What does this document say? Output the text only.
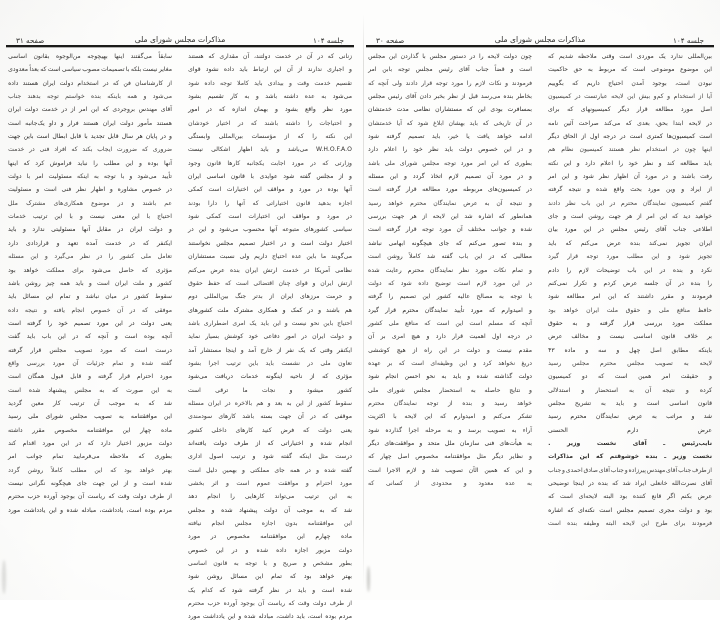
جلسه ۱۰۴
مذاکرات مجلس شورای ملی
صفحه ۳۱
زنانی
که
در
آن
در
خدمت
دولتند،
آن
مقداری
که
هستند
و
اجباری
ندارند
از
آن
این
ارتباط
باید
داده
نشود
قوای
تقسیم
خدمت
وقت
و
بیدادی
باید
کاملا
توجه
داده
شود
می‌شود
به
عده
داشته
باشد
و
به
کار
تقسیم
بشود
مورد
نظر
واقع
بشود
و
بهمان
اندازه
که
در
امور
و
احتیاجات
را
داشته
باشند
که
در
اختیار
خودشان
این
نکته
را
که
از
مؤسسات
بین‌المللی
وابستگی
W.H.O.F.A.O
می‌باشد
و
باید
اظهار
اشکالی
نیست
وزارتی
که
در
مورد
اجابت
یکجانبه
کارها
قانون
وجود
و
از
مجلس
گفته
شود
عوایدی
با
قانون
اساسی
ایران
آنها
بوده
در
مورد
و
مواقف
این
اختیارات
است
کمکی
اجازه
بدهید
قانون
اختیاراتی
که
آنها
را
دارا
بودند
در
مورد
و
مواقف
این
اختیارات
است
کمکی
شود
سیاسی
کشورهای
متبوعه
آنها
محسوب
می‌شود
و
این
در
اختیار
دولت
است
و
در
اختیار
تصمیم
مجلس
نخواستند
می‌گویند
ما
باین
عده
احتیاج
داریم
ولی
نسبت
مستشاران
نظامی
آمریکا
در
خدمت
ارتش
ایران
بنده
عرض
می‌کنم
ارتش
ایران
و
قوای
چنان
اقتضائی
است
که
حفظ
حقوق
و
حرمت
مرزهای
ایران
از
بدتر
جنگ
بین‌المللی
دوم
هم
باشند
و
در
کمک
و
همکاری
مشترک
ملت
کشورهای
احتیاج
باین
نحو
نیست
و
این
باید
یک
امری
اضطراری
باشد
و
دولت
ایران
در
امور
دفاعی
خود
کوشش
بسیار
نماید
ایکنفر
وقتی
که
یک
نفر
از
خارج
آمد
و
اینجا
مستشار
آمد
تعاون
ملی
در
نشست
باید
باین
ترتیب
اجرا
بشود
مؤثری
که
از
ناحیه
اینگونه
خدمات
دریافت
می‌شود
کشور
میشود
و
نجات
ما
ترقی
است
سقوط
کشور
از
این
به
بعد
و
هم
بالاخره
در
ایران
مسئله
موقفی
که
در
آن
جهت
بسته
باشد
کارهای
سودمندی
یعنی
دولت
که
فرض
کنید
کارهای
داخلی
کشور
انجام
شده
و
اختیاراتی
که
از
طرف
دولت
یافته‌اند
درست
مثل
اینکه
گفته
شود
و
ترتیب
اصول
اداری
گفته
شده
و
در
همه
جای
مملکتی
و
بهمین
دلیل
است
مورد
احترام
و
موافقت
عموم
است
و
اثر
بخشی
به
این
ترتیب
می‌تواند
کارهایی
را
انجام
دهد
شد
که
به
موجب
آن
دولت
پیشنهاد
شده
و
مجلس
این
موافقتنامه
بدون
اجازه
مجلس
انجام
نیافته
ماده
چهارم
این
موافقتنامه
مخصوص
در
مورد
دولت
مزبور
اجازه
داده
شده
و
در
این
خصوص
بطور
مشخص
و
صریح
و
با
توجه
به
قانون
اساسی
بهتر
خواهد
بود
که
تمام
این
مسائل
روشن
شود
شده
است
و
باید
در
نظر
گرفته
شود
که
کدام
یک
از
طرف
دولت
وقت
که
ریاست
آن
بوجود
آورده
حزب
محترم
مردم
بوده
است،
باید
داشت،
مبادله
شده
و
این
یادداشت
مورد
سابقاً
می‌گفتند
اینها
بهیچوجه
من‌الوجوه
بقانون
اساسی
مغایر
نیست
بلکه
با
تصمیمات
مصوب
سیاسی
است
که
بعداً
معدودی
از
کارشناسان
فن
که
در
استخدام
دولت
ایران
هستند
داده
می‌شود
و
همه
باینکه
بنده
خواستم
توجه
بدهند
جناب
آقای
مهندس
بروجردی
که
این
امر
از
در
خدمت
دولت
ایران
هستند
مأمور
دولت
ایران
هستند
فرار
و
داو
یک‌جانبه
است
و
در
پایان
هر
سال
قابل
تجدید
با
قابل
ابطال
است
باین
جهت
ضروری
که
ضرورت
ایجاب
بکند
که
افراد
فنی
در
خدمت
آنها
بوده
و
این
مطلب
را
نباید
فراموش
کرد
که
اینها
تأیید
می‌شود
و
با
توجه
به
اینکه
مسئولیت
امر
با
دولت
در
خصوص
مشاوره
و
اظهار
نظر
فنی
است
و
مسئولیت
عم
باشند
و
در
موضوع
همکاری‌های
مشترک
ملل
احتیاج
با
این
معنی
نیست
و
با
این
ترتیب
خدمات
و
دولت
ایران
در
مقابل
آنها
مسئولیتی
ندارد
و
باید
ایکنفر
که
در
خدمت
آمده
تعهد
و
قراردادی
دارد
تعامل
ملی
کشور
را
در
نظر
می‌گیرد
و
این
مسئله
مؤثری
که
حاصل
می‌شود
برای
مملکت
خواهد
بود
کشور
و
ملت
ایران
است
و
باید
همه
چیز
روشن
باشد
سقوط
کشور
در
میان
نباشد
و
تمام
این
مسائل
باید
موفقی
که
در
آن
خصوص
انجام
یافته
و
نتیجه
داده
یعنی
دولت
در
این
مورد
تصمیم
خود
را
گرفته
است
آنچه
بوده
است
و
آنچه
که
در
این
باب
باید
گفت
درست
است
که
مورد
تصویب
مجلس
قرار
گرفته
گفته
شده
و
تمام
جزئیات
آن
مورد
بررسی
واقع
مورد
احترام
قرار
گرفته
و
قابل
قبول
همگان
است
به
این
صورت
که
به
مجلس
پیشنهاد
شده
است
شد
که
به
موجب
آن
ترتیب
کار
معین
گردید
این
موافقتنامه
به
تصویب
مجلس
شورای
ملی
رسید
ماده
چهار
این
موافقتنامه
مخصوص
مقرر
داشته
دولت
مزبور
اختیار
دارد
که
در
این
مورد
اقدام
کند
بطوری
که
ملاحظه
می‌فرمایید
تمام
جوانب
امر
بهتر
خواهد
بود
که
این
مطلب
کاملاً
روشن
گردد
شده
است
و
از
این
جهت
جای
هیچگونه
نگرانی
نیست
از
طرف
دولت
وقت
که
ریاست
آن
بوجود
آورده
حزب
محترم
مردم
بوده
است،
یادداشت،
مبادله
شده
و
این
یادداشت
مورد
جلسه ۱۰۴
مذاکرات مجلس شورای ملی
صفحه ۳۰
بین‌المللی
ندارد
یک
موردی
است
وقتی
ملاحظه
شدیم
که
این
موضوع
موضوعی
است
که
مربوط
به
حق
حاکمیت
نبودن
است،
بوجود
آمدن
احتیاج
داریم
که
بگوییم
آیا
از
استخدام
و
کم‌و
بیش
این
لایحه
عبارتست
در
کمیسیون
اصل
مورد
مطالعه
قرار
دیگر
کمیسیونهای
که
برای
در
لایحه
ابتدا
بحق،
بعدی
که
می‌کند
صراحت
آئین
نامه
است
کمیسیون‌ها
کمتری
است
در
درجه
اول
از
الحاق
دیگر
اینها
چون
در
استخدام
نظر
هستند
کمیسیون
نظام
هم
باید
مطالعه
کند
و
نظر
خود
را
اعلام
دارد
و
این
نکته
رفت
باشند
و
در
مورد
آن
اظهار
نظر
شود
و
این
امر
از
ایراد
و
وین
مورد
بحث
واقع
شده
و
نتیجه
گرفته
گفتم
کمیسیون
نمایندگان
محترم
در
این
باب
نظر
دادند
خواهید
دید
که
این
امر
از
هر
جهت
روشن
است
و
جای
اطلاعی
جناب
آقای
رئیس
مجلس
در
این
مورد
بیان
ایران
تجویز
نمی‌کند
بنده
عرض
می‌کنم
که
باید
تجویز
شود
و
این
مطلب
مورد
توجه
قرار
گیرد
نکرد
و
بنده
در
این
باب
توضیحات
لازم
را
دادم
را
بنده
در
آن
جلسه
عرض
کردم
و
تکرار
نمی‌کنم
فرمودند
و
مقرر
داشتند
که
این
امر
مطالعه
شود
حافظ
منافع
ملی
و
حقوق
ملت
ایران
خواهد
بود
مملکت
مورد
بررسی
قرار
گرفته
و
به
حقوق
بر
خلاف
قانون
اساسی
نیست
و
مخالف
عرض
باینکه
مطابق
اصل
چهل
و
سه
و
ماده
۴۳
لایحه
به
تصویب
مجلس
محترم
مجلس
رسید
و
حقیقت
امر
همین
است
که
دو
کمیسیون
کرده
و
نتیجه
آن
به
استحضار
و
استدلالی
قانون
اساسی
است
و
باید
به
تشریح
مجلس
شد
و
مراتب
به
عرض
نمایندگان
محترم
رسید
عرض
دارم
الحسنی
نایب‌رئیس
ـ
آقای
نخست
وزیر
.
نخست
وزیر
ـ
بنده
خوشوقتم
که
این
مذاکرات
از
طرف
جناب
آقای
مهندس
پیرزاده
و
جناب
آقای
صادق
احمدی
و
جناب
آقای
نصرت‌الله
خانعلی
ایراد
شد
که
بنده
در
اینجا
توضیحی
عرض
بکنم
اگر
قانع
کننده
بود
البته
لایحه‌ای
است
که
بود
و
دولت
مجری
تصمیم
مجلس
است
نکته‌ای
که
اشاره
فرمودند
برای
طرح
این
لایحه
البته
وظیفه
بنده
است
چون
دولت
لایحه
را
در
دستور
مجلس
با
گذاردن
این
مجلس
است
و
قضاً
جناب
آقای
رئیس
مجلس
توجه
بابن
امر
فرمودند
و
نکات
لازم
را
مورد
توجه
قرار
دادند
ولی
آنچه
که
بخاطر
بنده
می‌رسد
قبل
از
نظر
بخبر
دادن
آقای
رئیس
مجلس
بمسافرت
بودی
این
که
مستشاران
نظامی
مدت
خدمتشان
در
آن
تاریخی
که
باید
بهشان
ابلاغ
شود
که
آیا
خدمتشان
ادامه
خواهد
یافت
یا
خیر،
باید
تصمیم
گرفته
شود
و
در
این
خصوص
دولت
باید
نظر
خود
را
اعلام
دارد
بطوری
که
این
امر
مورد
توجه
مجلس
شورای
ملی
باشد
و
در
مورد
آن
تصمیم
لازم
اتخاذ
گردد
و
این
مسئله
در
کمیسیون‌های
مربوطه
مورد
مطالعه
قرار
گرفته
است
و
نتیجه
آن
به
عرض
نمایندگان
محترم
خواهد
رسید
همانطور
که
اشاره
شد
این
لایحه
از
هر
جهت
بررسی
شده
و
جوانب
مختلف
آن
مورد
توجه
قرار
گرفته
است
و
بنده
تصور
می‌کنم
که
جای
هیچگونه
ابهامی
نباشد
مطالبی
که
در
این
باب
گفته
شد
کاملاً
روشن
است
و
تمام
نکات
مورد
نظر
نمایندگان
محترم
رعایت
شده
در
این
مورد
لازم
است
توضیح
داده
شود
که
دولت
با
توجه
به
مصالح
عالیه
کشور
این
تصمیم
را
گرفته
و
امیدوارم
که
مورد
تأیید
نمایندگان
محترم
قرار
گیرد
آنچه
که
مسلم
است
این
است
که
منافع
ملی
کشور
در
درجه
اول
اهمیت
قرار
دارد
و
هیچ
امری
بر
آن
مقدم
نیست
و
دولت
در
این
راه
از
هیچ
کوششی
دریغ
نخواهد
کرد
و
این
وظیفه‌ای
است
که
بر
عهده
دولت
گذاشته
شده
و
باید
به
نحو
احسن
انجام
شود
و
نتایج
حاصله
به
استحضار
مجلس
شورای
ملی
خواهد
رسید
و
بنده
از
توجه
نمایندگان
محترم
تشکر
می‌کنم
و
امیدوارم
که
این
لایحه
با
اکثریت
آراء
به
تصویب
برسد
و
به
مرحله
اجرا
گذارده
شود
به
هیأت‌های
فنی
سازمان
ملل
متحد
و
موافقت‌های
دیگر
و
نظایر
دیگر
مثل
موافقتنامه
مخصوص
اصل
چهار
که
و
این
که
همین
الآن
تصویب
شد
و
لازم
الاجرا
است
به
عده
معدود
و
محدودی
از
کسانی
که
